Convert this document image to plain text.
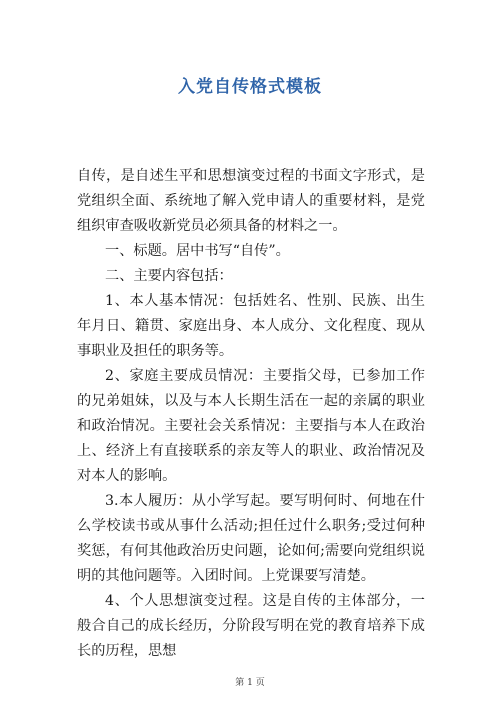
入党自传格式模板

自传，是自述生平和思想演变过程的书面文字形式，是党组织全面、系统地了解入党申请人的重要材料，是党组织审查吸收新党员必须具备的材料之一。

一、标题。居中书写“自传”。

二、主要内容包括：

1、本人基本情况：包括姓名、性别、民族、出生年月日、籍贯、家庭出身、本人成分、文化程度、现从事职业及担任的职务等。

2、家庭主要成员情况：主要指父母，已参加工作的兄弟姐妹，以及与本人长期生活在一起的亲属的职业和政治情况。主要社会关系情况：主要指与本人在政治上、经济上有直接联系的亲友等人的职业、政治情况及对本人的影响。

3.本人履历：从小学写起。要写明何时、何地在什么学校读书或从事什么活动;担任过什么职务;受过何种奖惩，有何其他政治历史问题，论如何;需要向党组织说明的其他问题等。入团时间。上党课要写清楚。

4、个人思想演变过程。这是自传的主体部分，一般合自己的成长经历，分阶段写明在党的教育培养下成长的历程，思想

第 1 页
